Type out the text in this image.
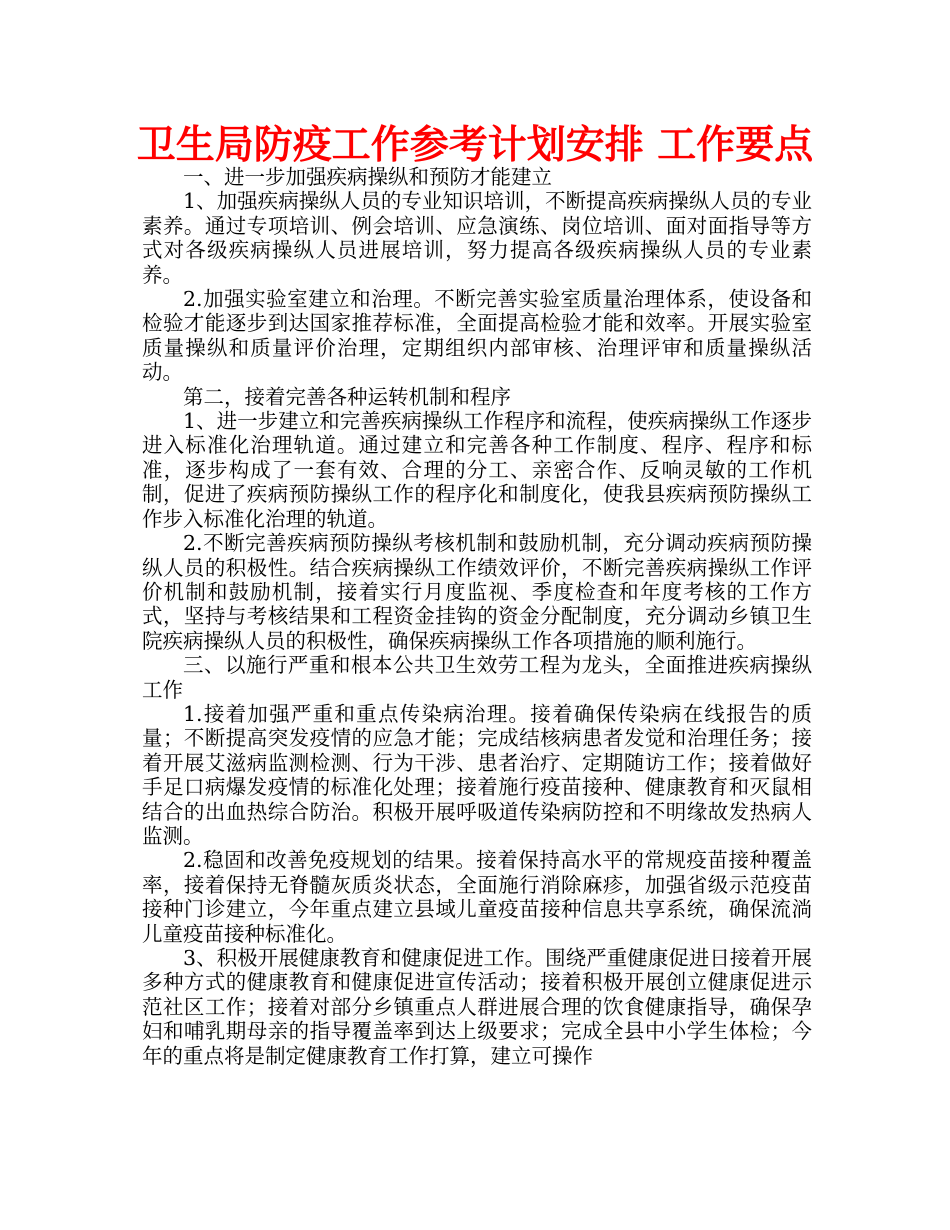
卫生局防疫工作参考计划安排 工作要点

一、进一步加强疾病操纵和预防才能建立

1、加强疾病操纵人员的专业知识培训，不断提高疾病操纵人员的专业素养。通过专项培训、例会培训、应急演练、岗位培训、面对面指导等方式对各级疾病操纵人员进展培训，努力提高各级疾病操纵人员的专业素养。

2.加强实验室建立和治理。不断完善实验室质量治理体系，使设备和检验才能逐步到达国家推荐标准，全面提高检验才能和效率。开展实验室质量操纵和质量评价治理，定期组织内部审核、治理评审和质量操纵活动。

第二，接着完善各种运转机制和程序

1、进一步建立和完善疾病操纵工作程序和流程，使疾病操纵工作逐步进入标准化治理轨道。通过建立和完善各种工作制度、程序、程序和标准，逐步构成了一套有效、合理的分工、亲密合作、反响灵敏的工作机制，促进了疾病预防操纵工作的程序化和制度化，使我县疾病预防操纵工作步入标准化治理的轨道。

2.不断完善疾病预防操纵考核机制和鼓励机制，充分调动疾病预防操纵人员的积极性。结合疾病操纵工作绩效评价，不断完善疾病操纵工作评价机制和鼓励机制，接着实行月度监视、季度检查和年度考核的工作方式，坚持与考核结果和工程资金挂钩的资金分配制度，充分调动乡镇卫生院疾病操纵人员的积极性，确保疾病操纵工作各项措施的顺利施行。

三、以施行严重和根本公共卫生效劳工程为龙头，全面推进疾病操纵工作

1.接着加强严重和重点传染病治理。接着确保传染病在线报告的质量；不断提高突发疫情的应急才能；完成结核病患者发觉和治理任务；接着开展艾滋病监测检测、行为干涉、患者治疗、定期随访工作；接着做好手足口病爆发疫情的标准化处理；接着施行疫苗接种、健康教育和灭鼠相结合的出血热综合防治。积极开展呼吸道传染病防控和不明缘故发热病人监测。

2.稳固和改善免疫规划的结果。接着保持高水平的常规疫苗接种覆盖率，接着保持无脊髓灰质炎状态，全面施行消除麻疹，加强省级示范疫苗接种门诊建立，今年重点建立县域儿童疫苗接种信息共享系统，确保流淌儿童疫苗接种标准化。

3、积极开展健康教育和健康促进工作。围绕严重健康促进日接着开展多种方式的健康教育和健康促进宣传活动；接着积极开展创立健康促进示范社区工作；接着对部分乡镇重点人群进展合理的饮食健康指导，确保孕妇和哺乳期母亲的指导覆盖率到达上级要求；完成全县中小学生体检；今年的重点将是制定健康教育工作打算，建立可操作
